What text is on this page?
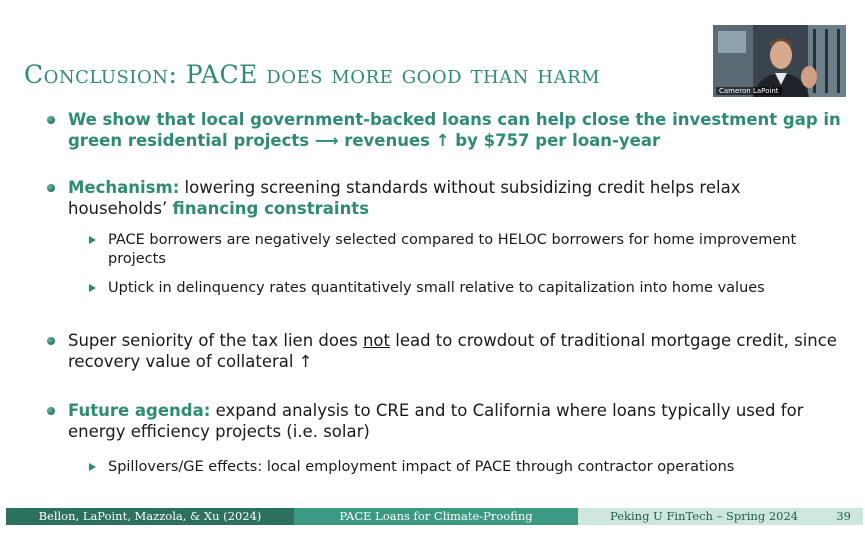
Conclusion: PACE does more good than harm
Cameron LaPoint
We show that local government-backed loans can help close the investment gap in green residential projects ⟶ revenues ↑ by $757 per loan-year
Mechanism: lowering screening standards without subsidizing credit helps relax households’ financing constraints
PACE borrowers are negatively selected compared to HELOC borrowers for home improvement projects
Uptick in delinquency rates quantitatively small relative to capitalization into home values
Super seniority of the tax lien does not lead to crowdout of traditional mortgage credit, since recovery value of collateral ↑
Future agenda: expand analysis to CRE and to California where loans typically used for energy efficiency projects (i.e. solar)
Spillovers/GE effects: local employment impact of PACE through contractor operations
Bellon, LaPoint, Mazzola, & Xu (2024)	PACE Loans for Climate-Proofing	Peking U FinTech – Spring 2024	39
